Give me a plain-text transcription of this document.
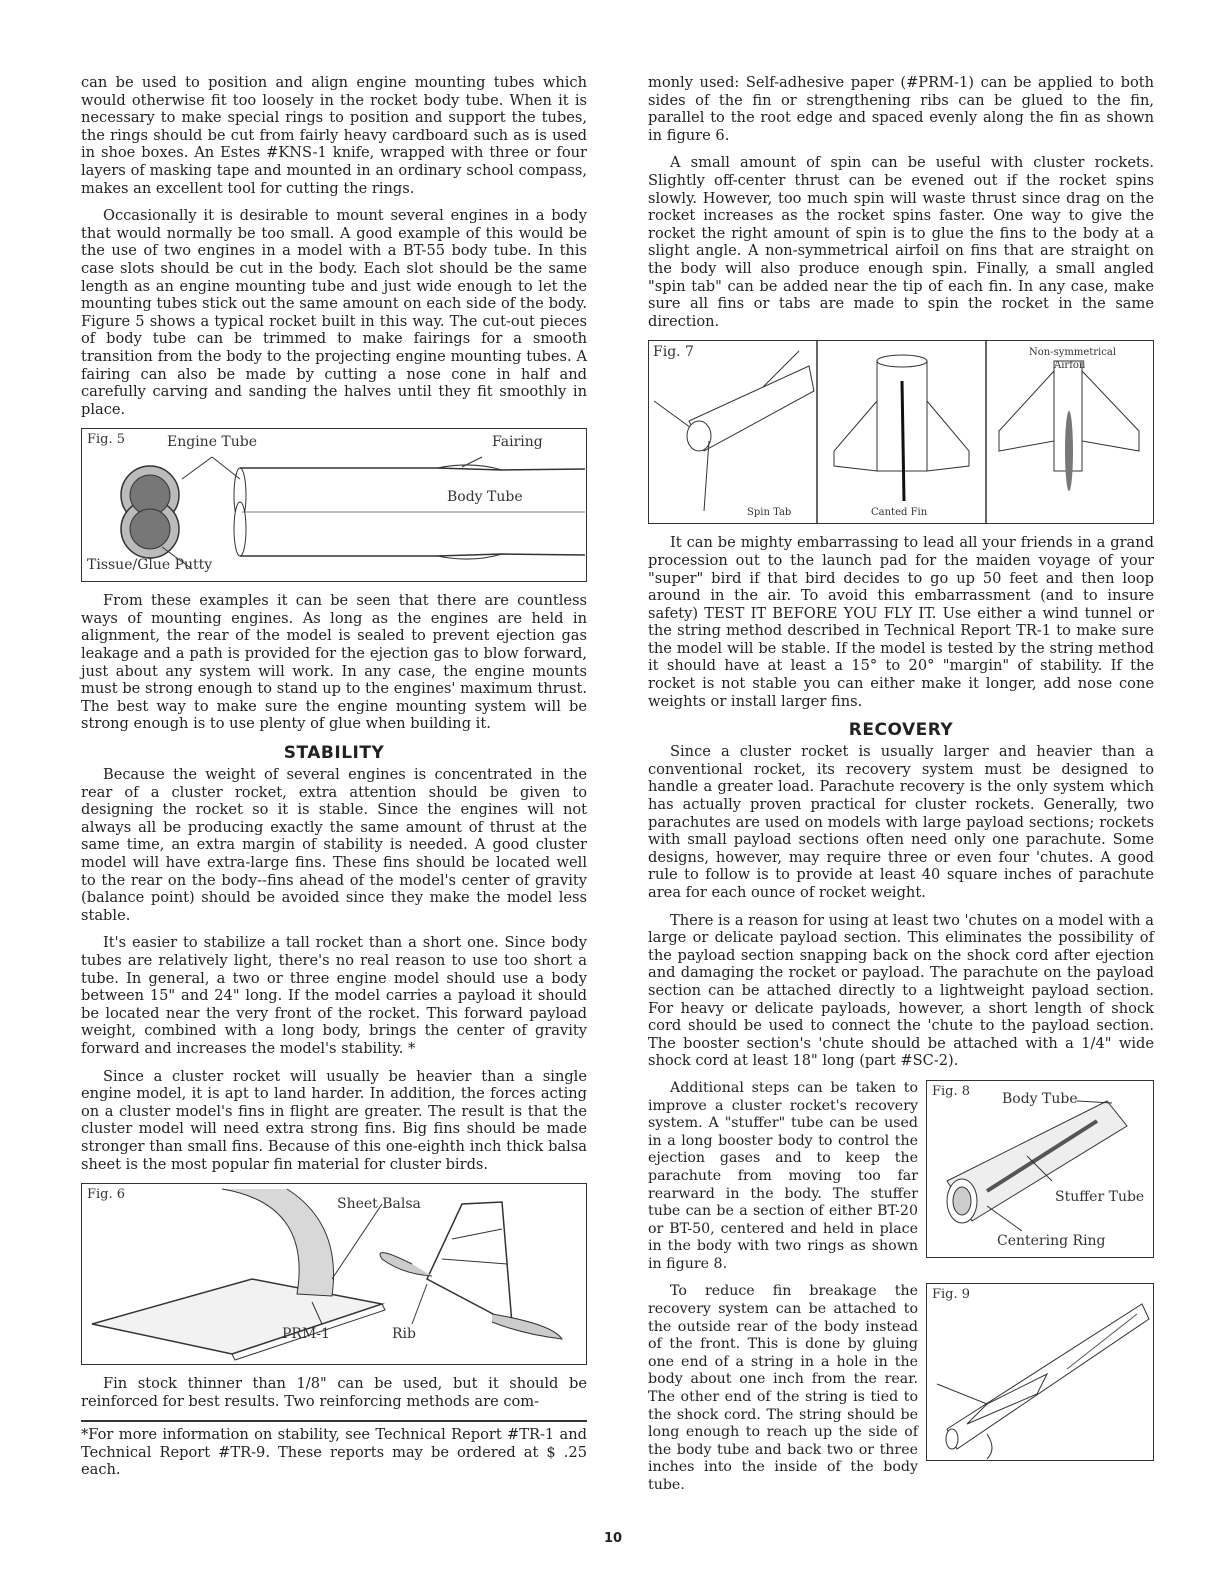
can be used to position and align engine mounting tubes which would otherwise fit too loosely in the rocket body tube. When it is necessary to make special rings to position and support the tubes, the rings should be cut from fairly heavy cardboard such as is used in shoe boxes. An Estes #KNS-1 knife, wrapped with three or four layers of masking tape and mounted in an ordinary school compass, makes an excellent tool for cutting the rings.

Occasionally it is desirable to mount several engines in a body that would normally be too small. A good example of this would be the use of two engines in a model with a BT-55 body tube. In this case slots should be cut in the body. Each slot should be the same length as an engine mounting tube and just wide enough to let the mounting tubes stick out the same amount on each side of the body. Figure 5 shows a typical rocket built in this way. The cut-out pieces of body tube can be trimmed to make fairings for a smooth transition from the body to the projecting engine mounting tubes. A fairing can also be made by cutting a nose cone in half and carefully carving and sanding the halves until they fit smoothly in place.

Fig. 5	Engine Tube	Fairing
Body Tube
Tissue/Glue Putty

From these examples it can be seen that there are countless ways of mounting engines. As long as the engines are held in alignment, the rear of the model is sealed to prevent ejection gas leakage and a path is provided for the ejection gas to blow forward, just about any system will work. In any case, the engine mounts must be strong enough to stand up to the engines' maximum thrust. The best way to make sure the engine mounting system will be strong enough is to use plenty of glue when building it.

STABILITY

Because the weight of several engines is concentrated in the rear of a cluster rocket, extra attention should be given to designing the rocket so it is stable. Since the engines will not always all be producing exactly the same amount of thrust at the same time, an extra margin of stability is needed. A good cluster model will have extra-large fins. These fins should be located well to the rear on the body--fins ahead of the model's center of gravity (balance point) should be avoided since they make the model less stable.

It's easier to stabilize a tall rocket than a short one. Since body tubes are relatively light, there's no real reason to use too short a tube. In general, a two or three engine model should use a body between 15" and 24" long. If the model carries a payload it should be located near the very front of the rocket. This forward payload weight, combined with a long body, brings the center of gravity forward and increases the model's stability. *

Since a cluster rocket will usually be heavier than a single engine model, it is apt to land harder. In addition, the forces acting on a cluster model's fins in flight are greater. The result is that the cluster model will need extra strong fins. Big fins should be made stronger than small fins. Because of this one-eighth inch thick balsa sheet is the most popular fin material for cluster birds.

Fig. 6
Sheet Balsa
PRM-1	Rib

Fin stock thinner than 1/8" can be used, but it should be reinforced for best results. Two reinforcing methods are com-

*For more information on stability, see Technical Report #TR-1 and Technical Report #TR-9. These reports may be ordered at $ .25 each.

monly used: Self-adhesive paper (#PRM-1) can be applied to both sides of the fin or strengthening ribs can be glued to the fin, parallel to the root edge and spaced evenly along the fin as shown in figure 6.

A small amount of spin can be useful with cluster rockets. Slightly off-center thrust can be evened out if the rocket spins slowly. However, too much spin will waste thrust since drag on the rocket increases as the rocket spins faster. One way to give the rocket the right amount of spin is to glue the fins to the body at a slight angle. A non-symmetrical airfoil on fins that are straight on the body will also produce enough spin. Finally, a small angled "spin tab" can be added near the tip of each fin. In any case, make sure all fins or tabs are made to spin the rocket in the same direction.

Fig. 7
Spin Tab	Canted Fin
Non-symmetrical
Airfoil

It can be mighty embarrassing to lead all your friends in a grand procession out to the launch pad for the maiden voyage of your "super" bird if that bird decides to go up 50 feet and then loop around in the air. To avoid this embarrassment (and to insure safety) TEST IT BEFORE YOU FLY IT. Use either a wind tunnel or the string method described in Technical Report TR-1 to make sure the model will be stable. If the model is tested by the string method it should have at least a 15° to 20° "margin" of stability. If the rocket is not stable you can either make it longer, add nose cone weights or install larger fins.

RECOVERY

Since a cluster rocket is usually larger and heavier than a conventional rocket, its recovery system must be designed to handle a greater load. Parachute recovery is the only system which has actually proven practical for cluster rockets. Generally, two parachutes are used on models with large payload sections; rockets with small payload sections often need only one parachute. Some designs, however, may require three or even four 'chutes. A good rule to follow is to provide at least 40 square inches of parachute area for each ounce of rocket weight.

There is a reason for using at least two 'chutes on a model with a large or delicate payload section. This eliminates the possibility of the payload section snapping back on the shock cord after ejection and damaging the rocket or payload. The parachute on the payload section can be attached directly to a lightweight payload section. For heavy or delicate payloads, however, a short length of shock cord should be used to connect the 'chute to the payload section. The booster section's 'chute should be attached with a 1/4" wide shock cord at least 18" long (part #SC-2).

Additional steps can be taken to improve a cluster rocket's recovery system. A "stuffer" tube can be used in a long booster body to control the ejection gases and to keep the parachute from moving too far rearward in the body. The stuffer tube can be a section of either BT-20 or BT-50, centered and held in place in the body with two rings as shown in figure 8.

Fig. 8 Body Tube
Stuffer Tube
Centering Ring

To reduce fin breakage the recovery system can be attached to the outside rear of the body instead of the front. This is done by gluing one end of a string in a hole in the body about one inch from the rear. The other end of the string is tied to the shock cord. The string should be long enough to reach up the side of the body tube and back two or three inches into the inside of the body tube.

Fig. 9
10
